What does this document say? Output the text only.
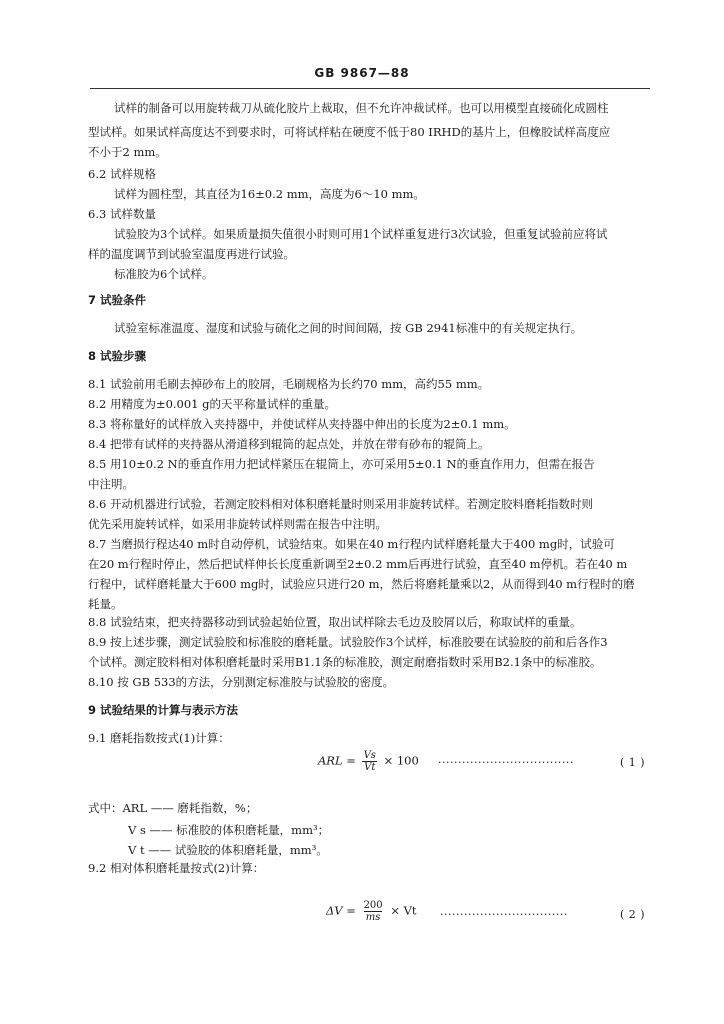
GB 9867—88
试样的制备可以用旋转裁刀从硫化胶片上裁取，但不允许冲裁试样。也可以用模型直接硫化成圆柱
型试样。如果试样高度达不到要求时，可将试样粘在硬度不低于80 IRHD的基片上，但橡胶试样高度应
不小于2 mm。
6.2 试样规格
试样为圆柱型，其直径为16±0.2 mm，高度为6～10 mm。
6.3 试样数量
试验胶为3个试样。如果质量损失值很小时则可用1个试样重复进行3次试验，但重复试验前应将试
样的温度调节到试验室温度再进行试验。
标准胶为6个试样。
7 试验条件
试验室标准温度、湿度和试验与硫化之间的时间间隔，按 GB 2941标准中的有关规定执行。
8 试验步骤
8.1 试验前用毛刷去掉砂布上的胶屑，毛刷规格为长约70 mm，高约55 mm。
8.2 用精度为±0.001 g的天平称量试样的重量。
8.3 将称量好的试样放入夹持器中，并使试样从夹持器中伸出的长度为2±0.1 mm。
8.4 把带有试样的夹持器从滑道移到辊筒的起点处，并放在带有砂布的辊筒上。
8.5 用10±0.2 N的垂直作用力把试样紧压在辊筒上，亦可采用5±0.1 N的垂直作用力，但需在报告
中注明。
8.6 开动机器进行试验，若测定胶料相对体积磨耗量时则采用非旋转试样。若测定胶料磨耗指数时则
优先采用旋转试样，如采用非旋转试样则需在报告中注明。
8.7 当磨损行程达40 m时自动停机，试验结束。如果在40 m行程内试样磨耗量大于400 mg时，试验可
在20 m行程时停止，然后把试样伸长长度重新调至2±0.2 mm后再进行试验，直至40 m停机。若在40 m
行程中，试样磨耗量大于600 mg时，试验应只进行20 m，然后将磨耗量乘以2，从而得到40 m行程时的磨
耗量。
8.8 试验结束，把夹持器移动到试验起始位置，取出试样除去毛边及胶屑以后，称取试样的重量。
8.9 按上述步骤，测定试验胶和标准胶的磨耗量。试验胶作3个试样，标准胶要在试验胶的前和后各作3
个试样。测定胶料相对体积磨耗量时采用B1.1条的标准胶，测定耐磨指数时采用B2.1条中的标准胶。
8.10 按 GB 533的方法，分别测定标准胶与试验胶的密度。
9 试验结果的计算与表示方法
9.1 磨耗指数按式(1)计算：
ARL = $\frac{Vs}{Vt} \times 100$ ··································	( 1 )
式中：ARL —— 磨耗指数，%；
V s —— 标准胶的体积磨耗量，mm³；
V t —— 试验胶的体积磨耗量，mm³。
9.2 相对体积磨耗量按式(2)计算：
$\Delta V = \frac{200}{ms} \times Vt$ ································	( 2 )
